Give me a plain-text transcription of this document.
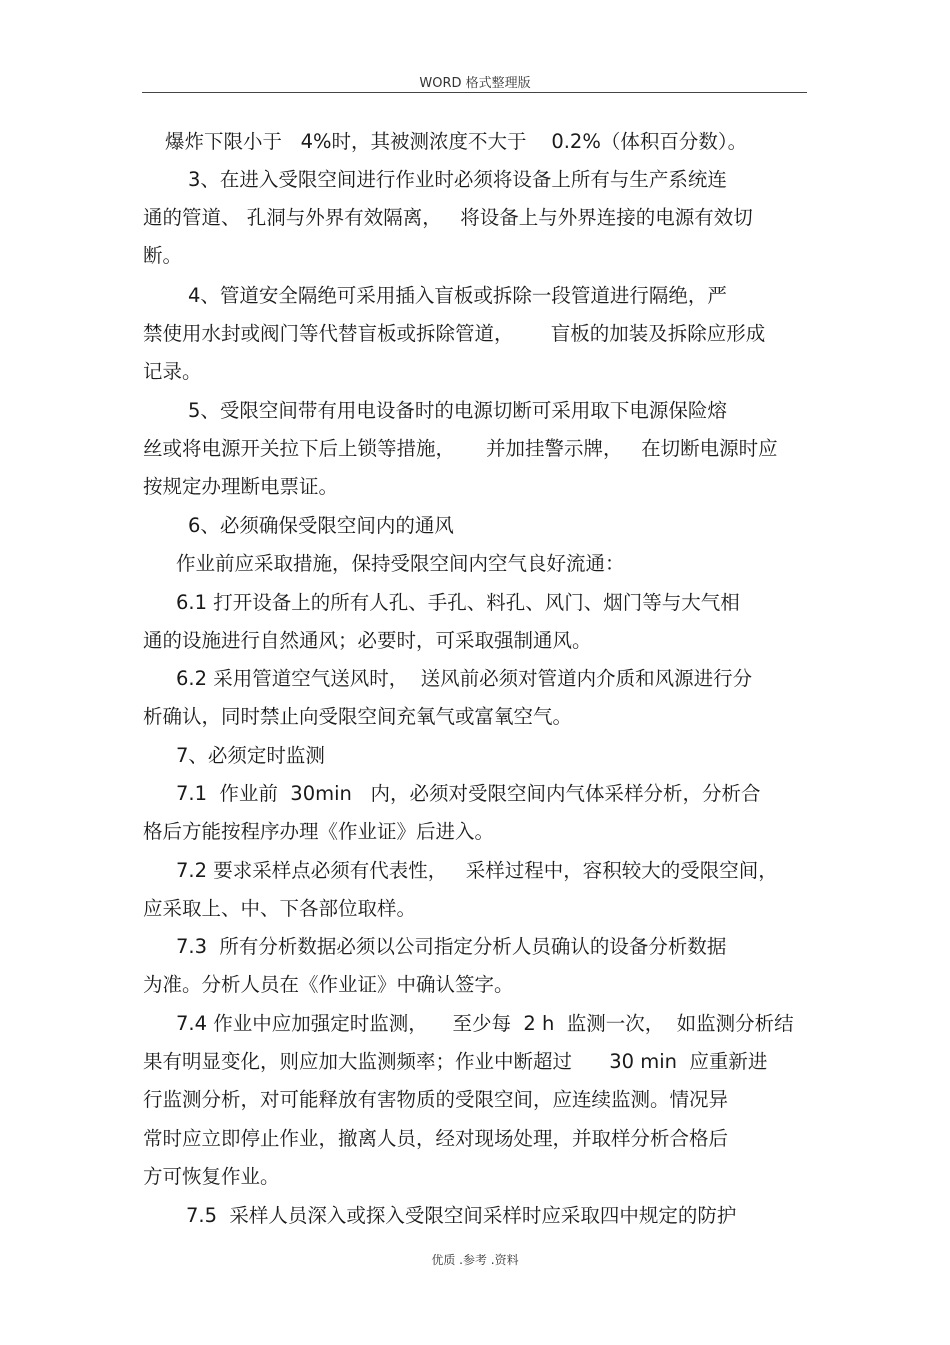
WORD 格式整理版
爆炸下限小于   4%时，其被测浓度不大于    0.2%（体积百分数）。
3、在进入受限空间进行作业时必须将设备上所有与生产系统连
通的管道、 孔洞与外界有效隔离，   将设备上与外界连接的电源有效切
断。
4、管道安全隔绝可采用插入盲板或拆除一段管道进行隔绝，严
禁使用水封或阀门等代替盲板或拆除管道，      盲板的加装及拆除应形成
记录。
5、受限空间带有用电设备时的电源切断可采用取下电源保险熔
丝或将电源开关拉下后上锁等措施，     并加挂警示牌，   在切断电源时应
按规定办理断电票证。
6、必须确保受限空间内的通风
作业前应采取措施，保持受限空间内空气良好流通：
6.1 打开设备上的所有人孔、手孔、料孔、风门、烟门等与大气相
通的设施进行自然通风；必要时，可采取强制通风。
6.2 采用管道空气送风时，  送风前必须对管道内介质和风源进行分
析确认，同时禁止向受限空间充氧气或富氧空气。
7、必须定时监测
7.1  作业前  30min   内，必须对受限空间内气体采样分析，分析合
格后方能按程序办理《作业证》后进入。
7.2 要求采样点必须有代表性，   采样过程中，容积较大的受限空间，
应采取上、中、下各部位取样。
7.3  所有分析数据必须以公司指定分析人员确认的设备分析数据
为准。分析人员在《作业证》中确认签字。
7.4 作业中应加强定时监测，    至少每  2 h  监测一次，  如监测分析结
果有明显变化，则应加大监测频率；作业中断超过      30 min  应重新进
行监测分析，对可能释放有害物质的受限空间，应连续监测。情况异
常时应立即停止作业，撤离人员，经对现场处理，并取样分析合格后
方可恢复作业。
7.5  采样人员深入或探入受限空间采样时应采取四中规定的防护
优质 .参考 .资料
